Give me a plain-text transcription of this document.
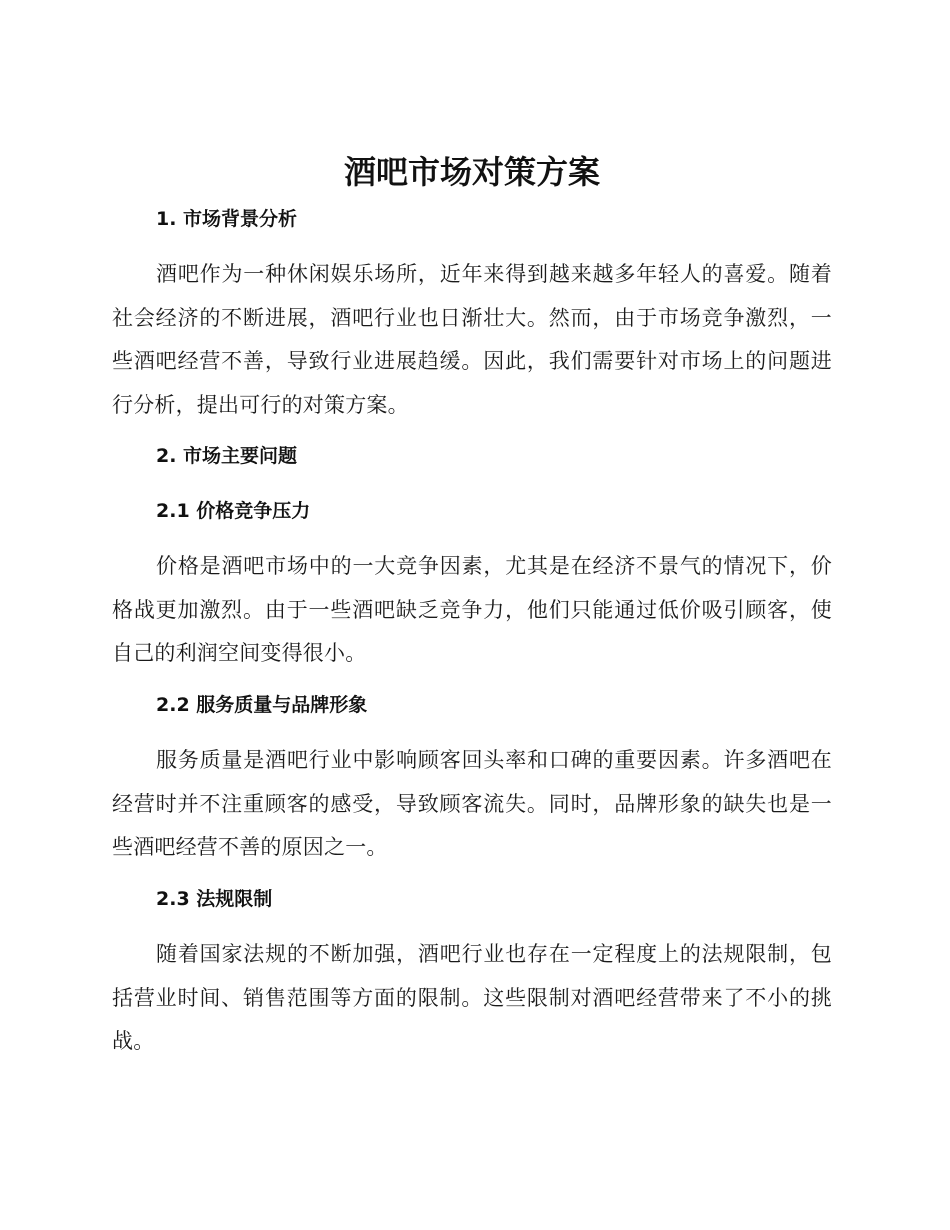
酒吧市场对策方案
1. 市场背景分析

酒吧作为一种休闲娱乐场所，近年来得到越来越多年轻人的喜爱。随着社会经济的不断进展，酒吧行业也日渐壮大。然而，由于市场竞争激烈，一些酒吧经营不善，导致行业进展趋缓。因此，我们需要针对市场上的问题进行分析，提出可行的对策方案。

2. 市场主要问题
2.1 价格竞争压力

价格是酒吧市场中的一大竞争因素，尤其是在经济不景气的情况下，价格战更加激烈。由于一些酒吧缺乏竞争力，他们只能通过低价吸引顾客，使自己的利润空间变得很小。

2.2 服务质量与品牌形象

服务质量是酒吧行业中影响顾客回头率和口碑的重要因素。许多酒吧在经营时并不注重顾客的感受，导致顾客流失。同时，品牌形象的缺失也是一些酒吧经营不善的原因之一。

2.3 法规限制

随着国家法规的不断加强，酒吧行业也存在一定程度上的法规限制，包括营业时间、销售范围等方面的限制。这些限制对酒吧经营带来了不小的挑战。
